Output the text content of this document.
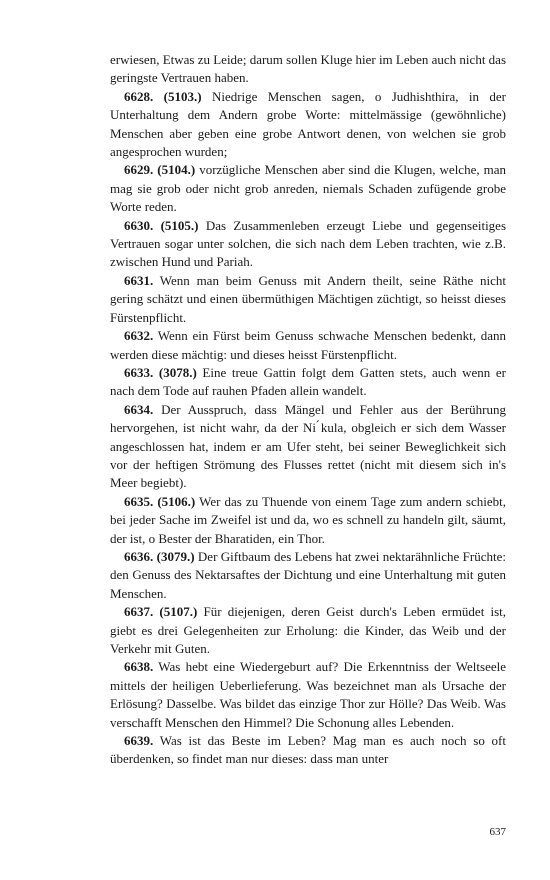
erwiesen, Etwas zu Leide; darum sollen Kluge hier im Leben auch nicht das geringste Vertrauen haben.

6628. (5103.) Niedrige Menschen sagen, o Judhishthira, in der Unterhaltung dem Andern grobe Worte: mittelmässige (gewöhnliche) Menschen aber geben eine grobe Antwort denen, von welchen sie grob angesprochen wurden;

6629. (5104.) vorzügliche Menschen aber sind die Klugen, welche, man mag sie grob oder nicht grob anreden, niemals Schaden zufügende grobe Worte reden.

6630. (5105.) Das Zusammenleben erzeugt Liebe und gegenseitiges Vertrauen sogar unter solchen, die sich nach dem Leben trachten, wie z.B. zwischen Hund und Pariah.

6631. Wenn man beim Genuss mit Andern theilt, seine Räthe nicht gering schätzt und einen übermüthigen Mächtigen züchtigt, so heisst dieses Fürstenpflicht.

6632. Wenn ein Fürst beim Genuss schwache Menschen bedenkt, dann werden diese mächtig: und dieses heisst Fürstenpflicht.

6633. (3078.) Eine treue Gattin folgt dem Gatten stets, auch wenn er nach dem Tode auf rauhen Pfaden allein wandelt.

6634. Der Ausspruch, dass Mängel und Fehler aus der Berührung hervorgehen, ist nicht wahr, da der Ni ́kula, obgleich er sich dem Wasser angeschlossen hat, indem er am Ufer steht, bei seiner Beweglichkeit sich vor der heftigen Strömung des Flusses rettet (nicht mit diesem sich in's Meer begiebt).

6635. (5106.) Wer das zu Thuende von einem Tage zum andern schiebt, bei jeder Sache im Zweifel ist und da, wo es schnell zu handeln gilt, säumt, der ist, o Bester der Bharatiden, ein Thor.

6636. (3079.) Der Giftbaum des Lebens hat zwei nektarähnliche Früchte: den Genuss des Nektarsaftes der Dichtung und eine Unterhaltung mit guten Menschen.

6637. (5107.) Für diejenigen, deren Geist durch's Leben ermüdet ist, giebt es drei Gelegenheiten zur Erholung: die Kinder, das Weib und der Verkehr mit Guten.

6638. Was hebt eine Wiedergeburt auf? Die Erkenntniss der Weltseele mittels der heiligen Ueberlieferung. Was bezeichnet man als Ursache der Erlösung? Dasselbe. Was bildet das einzige Thor zur Hölle? Das Weib. Was verschafft Menschen den Himmel? Die Schonung alles Lebenden.

6639. Was ist das Beste im Leben? Mag man es auch noch so oft überdenken, so findet man nur dieses: dass man unter

637
